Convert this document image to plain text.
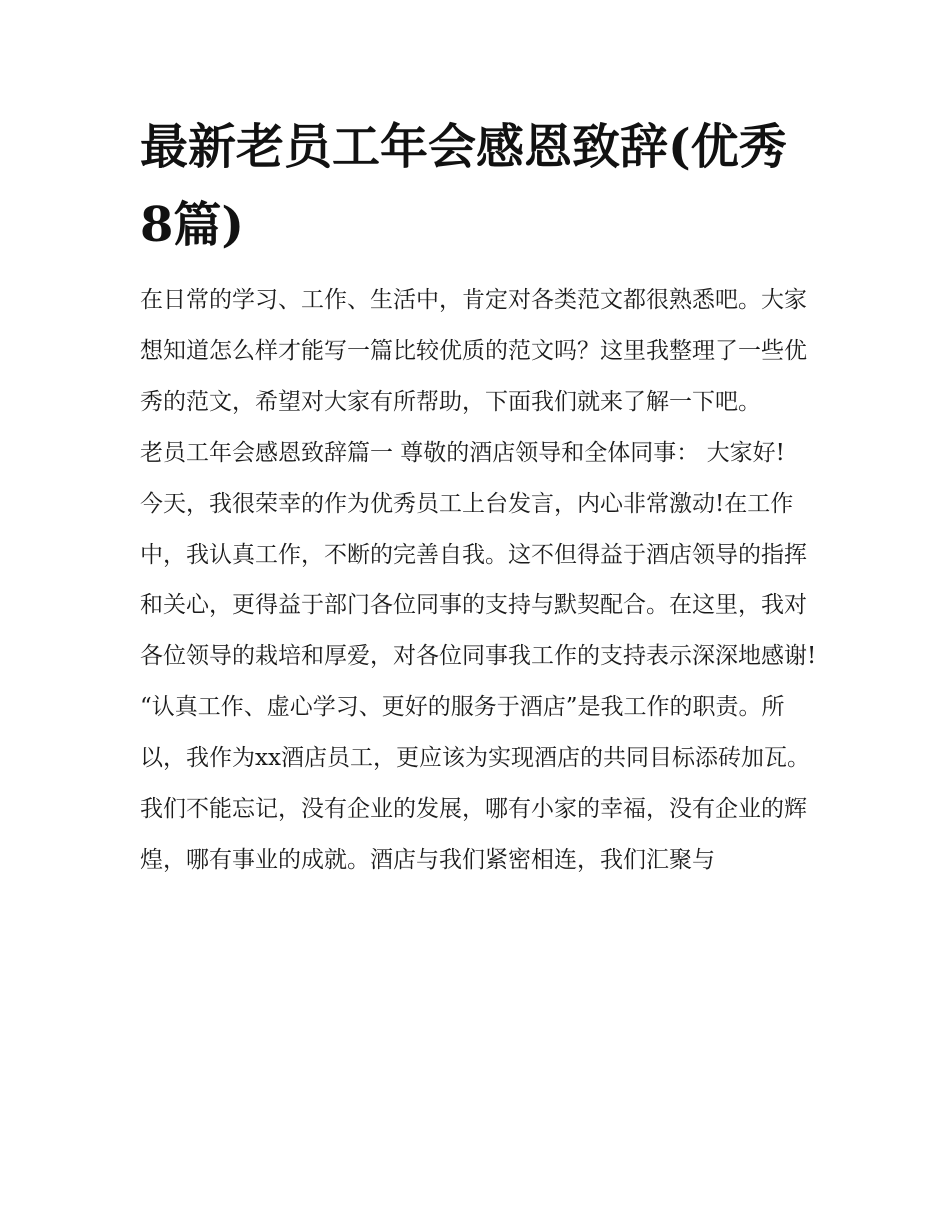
最新老员工年会感恩致辞(优秀8篇)

在日常的学习、工作、生活中，肯定对各类范文都很熟悉吧。大家想知道怎么样才能写一篇比较优质的范文吗？这里我整理了一些优秀的范文，希望对大家有所帮助，下面我们就来了解一下吧。

老员工年会感恩致辞篇一 尊敬的酒店领导和全体同事： 大家好!

今天，我很荣幸的作为优秀员工上台发言，内心非常激动!在工作中，我认真工作，不断的完善自我。这不但得益于酒店领导的指挥和关心，更得益于部门各位同事的支持与默契配合。在这里，我对各位领导的栽培和厚爱，对各位同事我工作的支持表示深深地感谢!

“认真工作、虚心学习、更好的服务于酒店”是我工作的职责。所以，我作为xx酒店员工，更应该为实现酒店的共同目标添砖加瓦。

我们不能忘记，没有企业的发展，哪有小家的幸福，没有企业的辉煌，哪有事业的成就。酒店与我们紧密相连，我们汇聚与
